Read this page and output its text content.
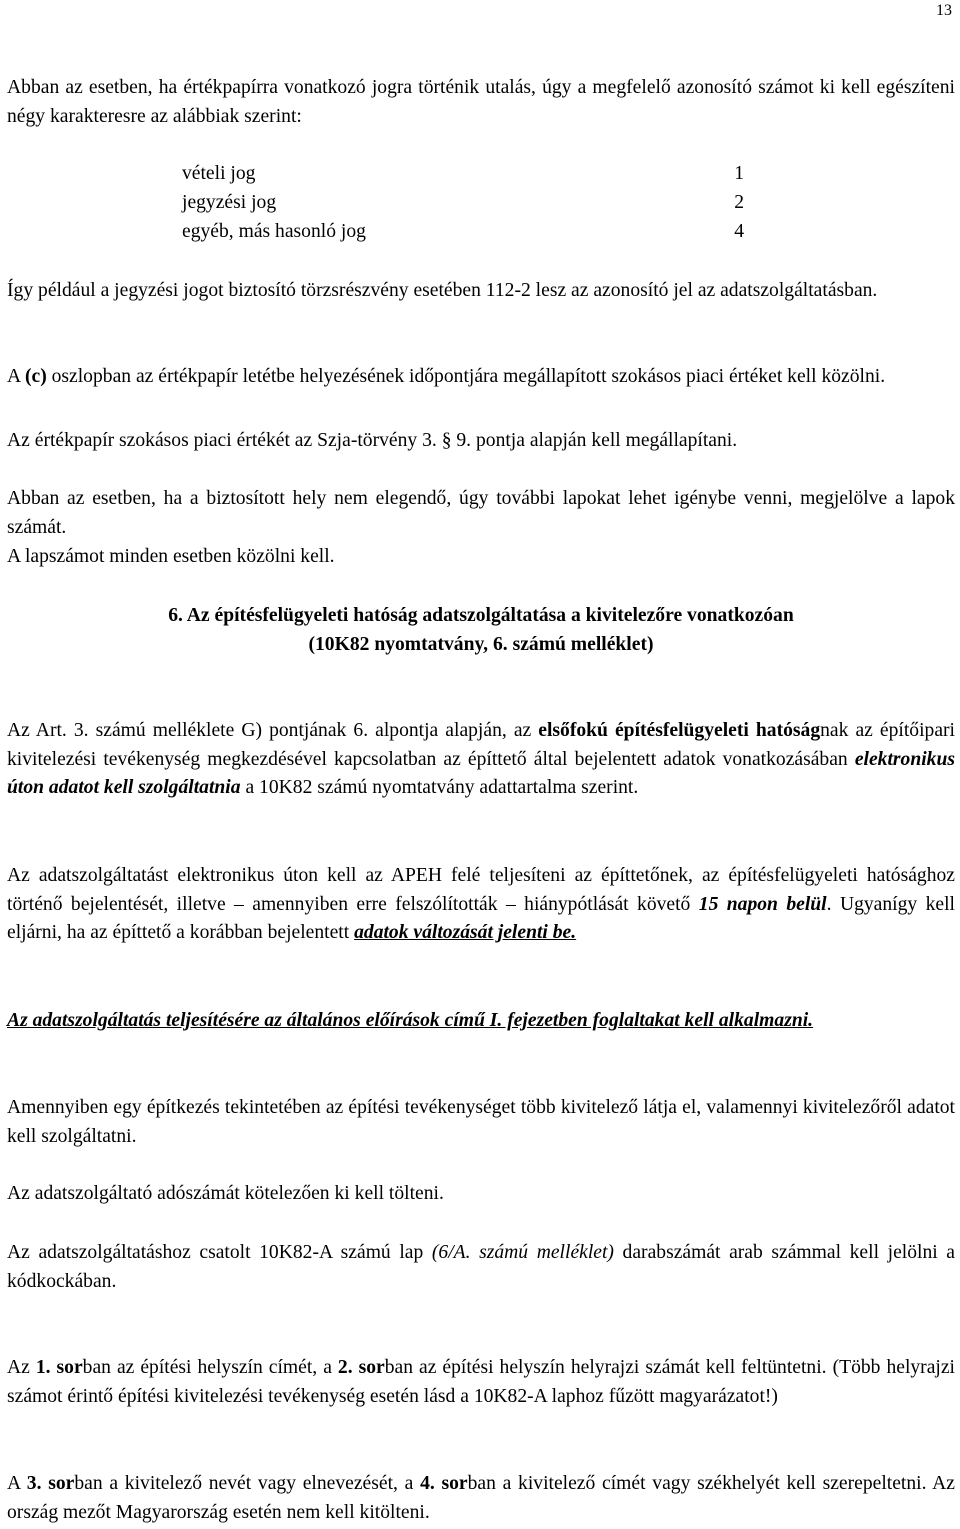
13

Abban az esetben, ha értékpapírra vonatkozó jogra történik utalás, úgy a megfelelő azonosító számot ki kell egészíteni négy karakteresre az alábbiak szerint:

vételi jog	1
jegyzési jog	2
egyéb, más hasonló jog	4

Így például a jegyzési jogot biztosító törzsrészvény esetében 112-2 lesz az azonosító jel az adatszolgáltatásban.

A (c) oszlopban az értékpapír letétbe helyezésének időpontjára megállapított szokásos piaci értéket kell közölni.

Az értékpapír szokásos piaci értékét az Szja-törvény 3. § 9. pontja alapján kell megállapítani.

Abban az esetben, ha a biztosított hely nem elegendő, úgy további lapokat lehet igénybe venni, megjelölve a lapok számát.

A lapszámot minden esetben közölni kell.

6. Az építésfelügyeleti hatóság adatszolgáltatása a kivitelezőre vonatkozóan

(10K82 nyomtatvány, 6. számú melléklet)

Az Art. 3. számú melléklete G) pontjának 6. alpontja alapján, az elsőfokú építésfelügyeleti hatóságnak az építőipari kivitelezési tevékenység megkezdésével kapcsolatban az építtető által bejelentett adatok vonatkozásában elektronikus úton adatot kell szolgáltatnia a 10K82 számú nyomtatvány adattartalma szerint.

Az adatszolgáltatást elektronikus úton kell az APEH felé teljesíteni az építtetőnek, az építésfelügyeleti hatósághoz történő bejelentését, illetve – amennyiben erre felszólították – hiánypótlását követő 15 napon belül. Ugyanígy kell eljárni, ha az építtető a korábban bejelentett adatok változását jelenti be.

Az adatszolgáltatás teljesítésére az általános előírások című I. fejezetben foglaltakat kell alkalmazni.

Amennyiben egy építkezés tekintetében az építési tevékenységet több kivitelező látja el, valamennyi kivitelezőről adatot kell szolgáltatni.

Az adatszolgáltató adószámát kötelezően ki kell tölteni.

Az adatszolgáltatáshoz csatolt 10K82-A számú lap (6/A. számú melléklet) darabszámát arab számmal kell jelölni a kódkockában.

Az 1. sorban az építési helyszín címét, a 2. sorban az építési helyszín helyrajzi számát kell feltüntetni. (Több helyrajzi számot érintő építési kivitelezési tevékenység esetén lásd a 10K82-A laphoz fűzött magyarázatot!)

A 3. sorban a kivitelező nevét vagy elnevezését, a 4. sorban a kivitelező címét vagy székhelyét kell szerepeltetni. Az ország mezőt Magyarország esetén nem kell kitölteni.
